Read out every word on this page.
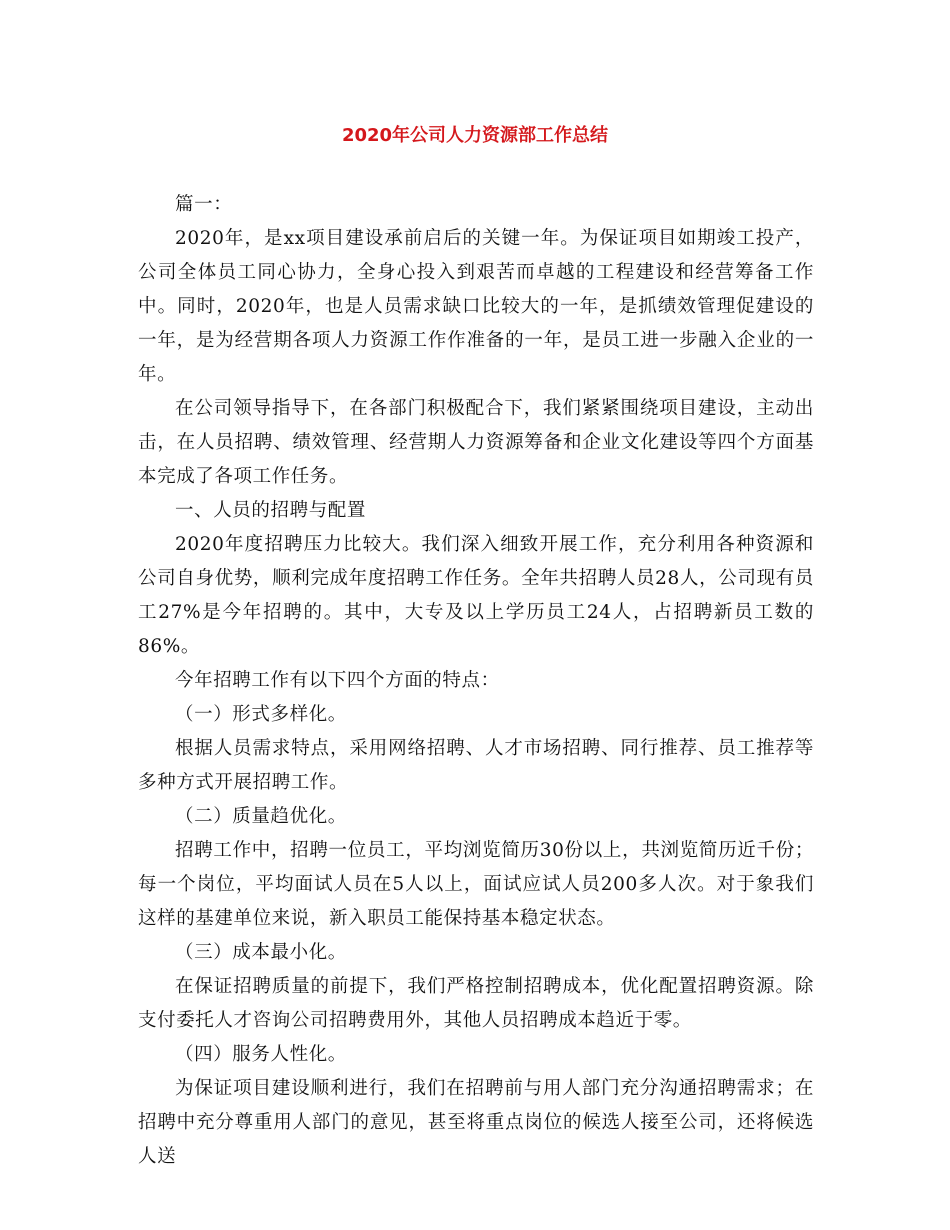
2020年公司人力资源部工作总结

篇一：

2020年，是xx项目建设承前启后的关键一年。为保证项目如期竣工投产，公司全体员工同心协力，全身心投入到艰苦而卓越的工程建设和经营筹备工作中。同时，2020年，也是人员需求缺口比较大的一年，是抓绩效管理促建设的一年，是为经营期各项人力资源工作作准备的一年，是员工进一步融入企业的一年。

在公司领导指导下，在各部门积极配合下，我们紧紧围绕项目建设，主动出击，在人员招聘、绩效管理、经营期人力资源筹备和企业文化建设等四个方面基本完成了各项工作任务。

一、人员的招聘与配置

2020年度招聘压力比较大。我们深入细致开展工作，充分利用各种资源和公司自身优势，顺利完成年度招聘工作任务。全年共招聘人员28人，公司现有员工27%是今年招聘的。其中，大专及以上学历员工24人，占招聘新员工数的86%。

今年招聘工作有以下四个方面的特点：

（一）形式多样化。

根据人员需求特点，采用网络招聘、人才市场招聘、同行推荐、员工推荐等多种方式开展招聘工作。

（二）质量趋优化。

招聘工作中，招聘一位员工，平均浏览简历30份以上，共浏览简历近千份；每一个岗位，平均面试人员在5人以上，面试应试人员200多人次。对于象我们这样的基建单位来说，新入职员工能保持基本稳定状态。

（三）成本最小化。

在保证招聘质量的前提下，我们严格控制招聘成本，优化配置招聘资源。除支付委托人才咨询公司招聘费用外，其他人员招聘成本趋近于零。

（四）服务人性化。

为保证项目建设顺利进行，我们在招聘前与用人部门充分沟通招聘需求；在招聘中充分尊重用人部门的意见，甚至将重点岗位的候选人接至公司，还将候选人送
